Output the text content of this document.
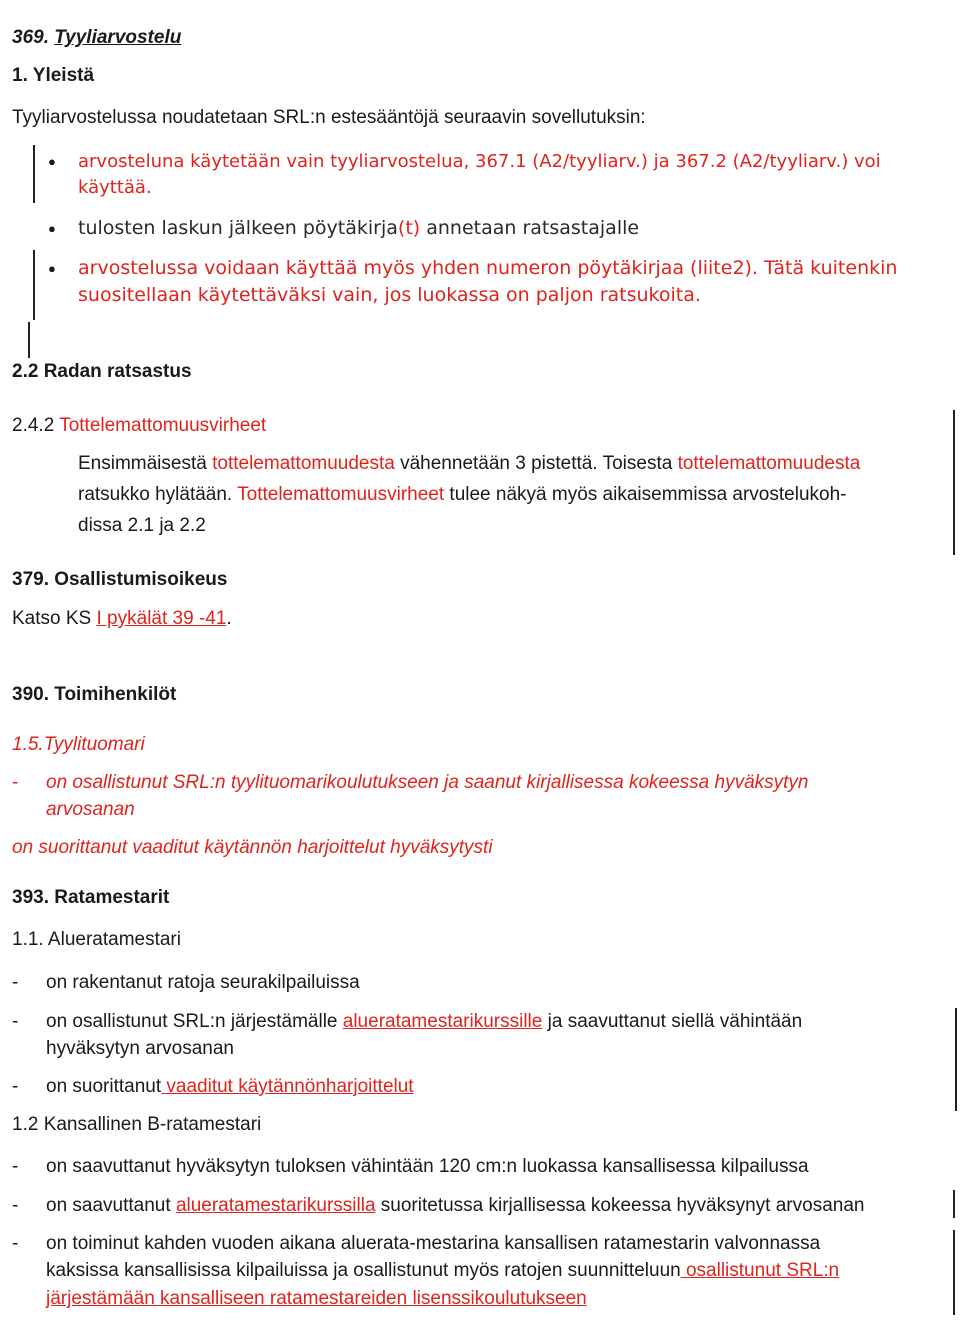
369. Tyyliarvostelu
1. Yleistä
Tyyliarvostelussa noudatetaan SRL:n estesääntöjä seuraavin sovellutuksin:
● arvosteluna käytetään vain tyyliarvostelua, 367.1 (A2/tyyliarv.) ja 367.2 (A2/tyyliarv.) voi
käyttää.
● tulosten laskun jälkeen pöytäkirja(t) annetaan ratsastajalle
● arvostelussa voidaan käyttää myös yhden numeron pöytäkirjaa (liite2). Tätä kuitenkin
suositellaan käytettäväksi vain, jos luokassa on paljon ratsukoita.
2.2 Radan ratsastus
2.4.2 Tottelemattomuusvirheet
Ensimmäisestä tottelemattomuudesta vähennetään 3 pistettä. Toisesta tottelemattomuudesta
ratsukko hylätään. Tottelemattomuusvirheet tulee näkyä myös aikaisemmissa arvostelukoh-
dissa 2.1 ja 2.2
379. Osallistumisoikeus
Katso KS I pykälät 39 -41.
390. Toimihenkilöt
1.5.Tyylituomari
- on osallistunut SRL:n tyylituomarikoulutukseen ja saanut kirjallisessa kokeessa hyväksytyn
arvosanan
on suorittanut vaaditut käytännön harjoittelut hyväksytysti
393. Ratamestarit
1.1. Alueratamestari
- on rakentanut ratoja seurakilpailuissa
- on osallistunut SRL:n järjestämälle alueratamestarikurssille ja saavuttanut siellä vähintään
hyväksytyn arvosanan
- on suorittanut vaaditut käytännönharjoittelut
1.2 Kansallinen B-ratamestari
- on saavuttanut hyväksytyn tuloksen vähintään 120 cm:n luokassa kansallisessa kilpailussa
- on saavuttanut alueratamestarikurssilla suoritetussa kirjallisessa kokeessa hyväksynyt arvosanan
- on toiminut kahden vuoden aikana aluerata-mestarina kansallisen ratamestarin valvonnassa
kaksissa kansallisissa kilpailuissa ja osallistunut myös ratojen suunnitteluun osallistunut SRL:n
järjestämään kansalliseen ratamestareiden lisenssikoulutukseen
